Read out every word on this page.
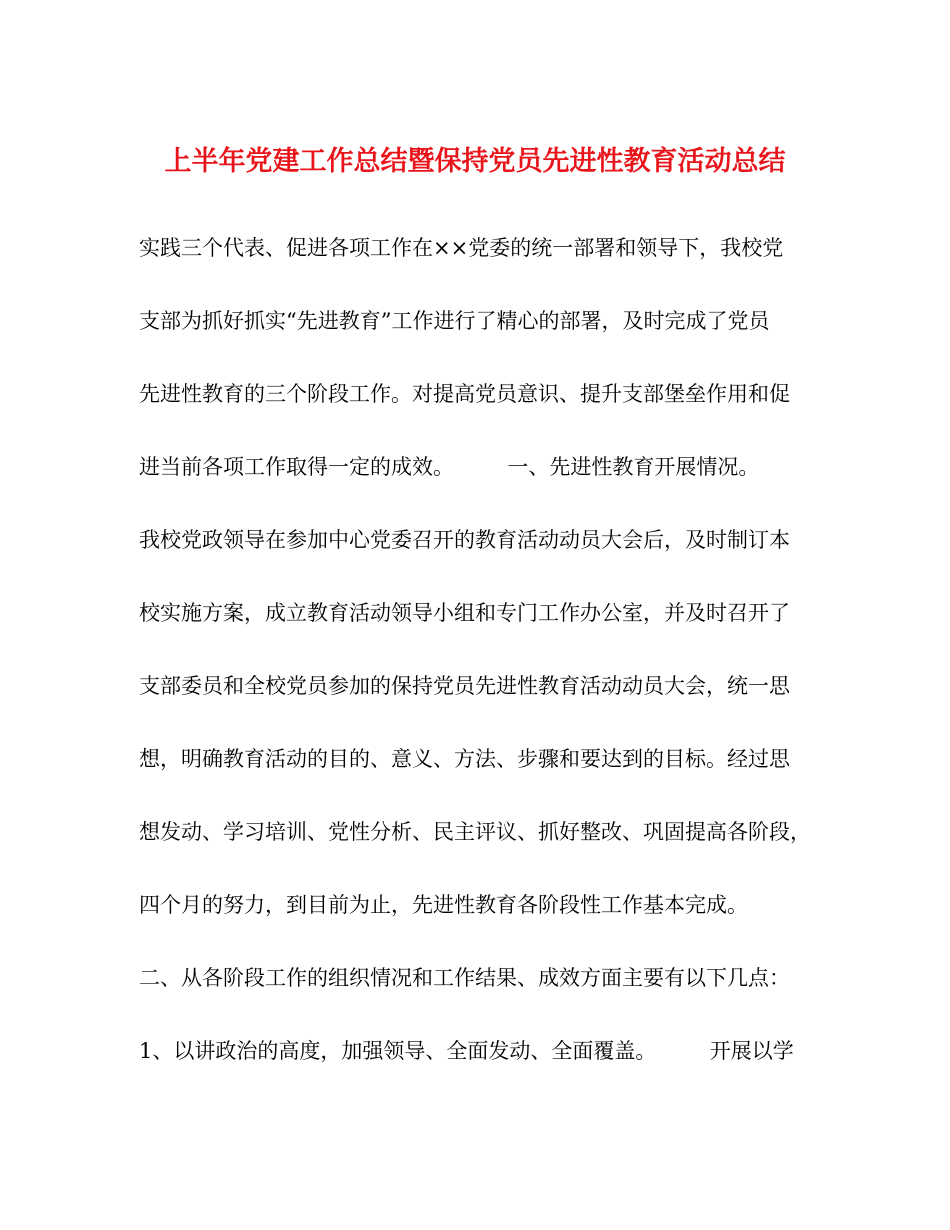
上半年党建工作总结暨保持党员先进性教育活动总结
实践三个代表、促进各项工作在××党委的统一部署和领导下，我校党
支部为抓好抓实“先进教育”工作进行了精心的部署，及时完成了党员
先进性教育的三个阶段工作。对提高党员意识、提升支部堡垒作用和促
进当前各项工作取得一定的成效。        一、先进性教育开展情况。
我校党政领导在参加中心党委召开的教育活动动员大会后，及时制订本
校实施方案，成立教育活动领导小组和专门工作办公室，并及时召开了
支部委员和全校党员参加的保持党员先进性教育活动动员大会，统一思
想，明确教育活动的目的、意义、方法、步骤和要达到的目标。经过思
想发动、学习培训、党性分析、民主评议、抓好整改、巩固提高各阶段，
四个月的努力，到目前为止，先进性教育各阶段性工作基本完成。
二、从各阶段工作的组织情况和工作结果、成效方面主要有以下几点：
1、以讲政治的高度，加强领导、全面发动、全面覆盖。        开展以学
